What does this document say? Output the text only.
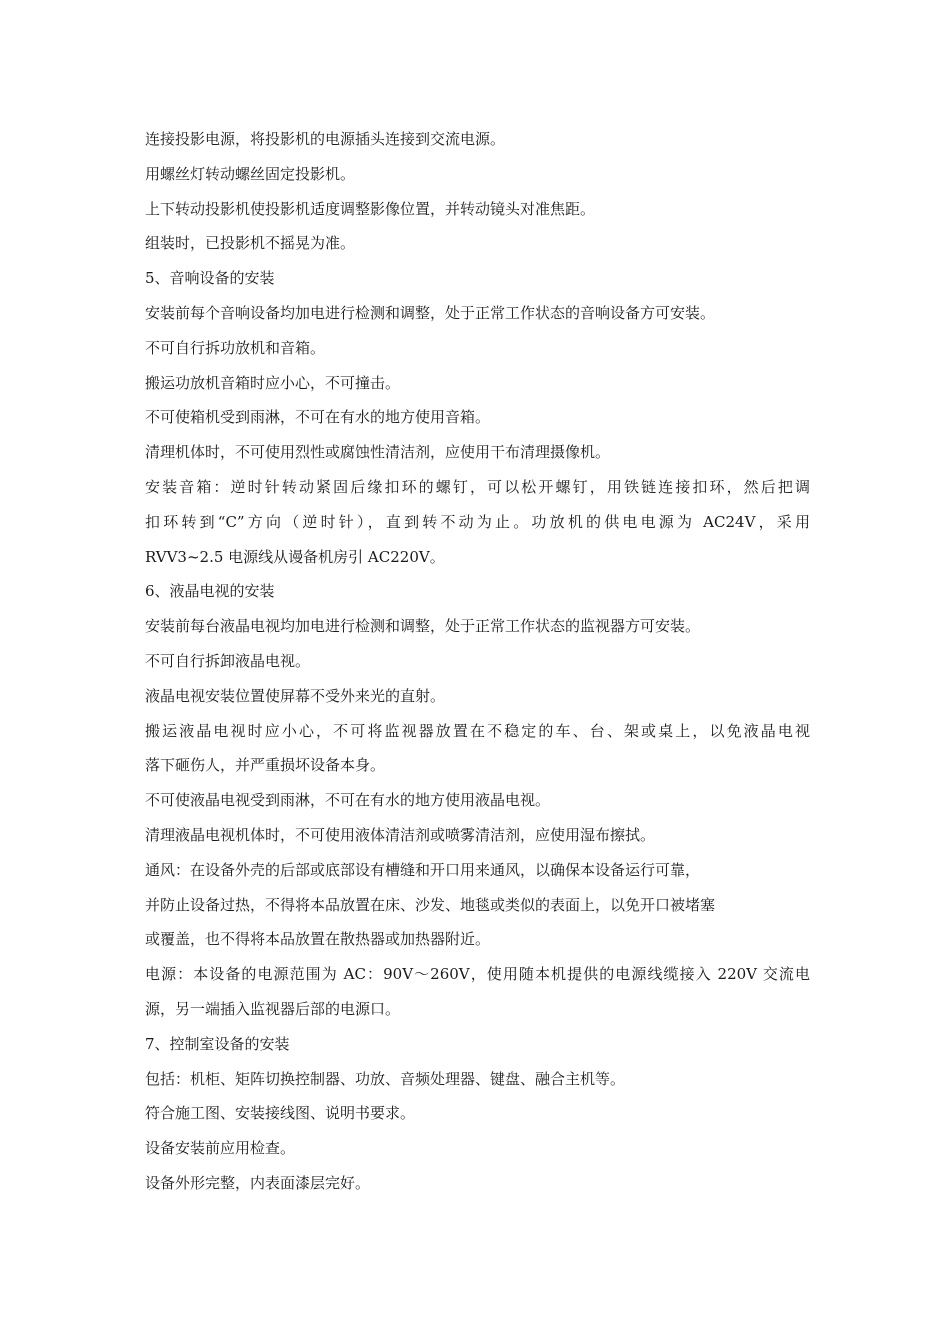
连接投影电源，将投影机的电源插头连接到交流电源。
用螺丝灯转动螺丝固定投影机。
上下转动投影机使投影机适度调整影像位置，并转动镜头对准焦距。
组装时，已投影机不摇晃为准。
5、音响设备的安装
安装前每个音响设备均加电进行检测和调整，处于正常工作状态的音响设备方可安装。
不可自行拆功放机和音箱。
搬运功放机音箱时应小心，不可撞击。
不可使箱机受到雨淋，不可在有水的地方使用音箱。
清理机体时，不可使用烈性或腐蚀性清洁剂，应使用干布清理摄像机。
安装音箱：逆时针转动紧固后缘扣环的螺钉，可以松开螺钉，用铁链连接扣环，然后把调
扣环转到“C”方向（逆时针），直到转不动为止。功放机的供电电源为 AC24V，采用
RVV3~2.5 电源线从谩备机房引 AC220V。
6、液晶电视的安装
安装前每台液晶电视均加电进行检测和调整，处于正常工作状态的监视器方可安装。
不可自行拆卸液晶电视。
液晶电视安装位置使屏幕不受外来光的直射。
搬运液晶电视时应小心，不可将监视器放置在不稳定的车、台、架或桌上，以免液晶电视
落下砸伤人，并严重损坏设备本身。
不可使液晶电视受到雨淋，不可在有水的地方使用液晶电视。
清理液晶电视机体时，不可使用液体清洁剂或喷雾清洁剂，应使用湿布擦拭。
通风：在设备外壳的后部或底部设有槽缝和开口用来通风，以确保本设备运行可靠，
并防止设备过热，不得将本品放置在床、沙发、地毯或类似的表面上，以免开口被堵塞
或覆盖，也不得将本品放置在散热器或加热器附近。
电源：本设备的电源范围为 AC：90V～260V，使用随本机提供的电源线缆接入 220V 交流电
源，另一端插入监视器后部的电源口。
7、控制室设备的安装
包括：机柜、矩阵切换控制器、功放、音频处理器、键盘、融合主机等。
符合施工图、安装接线图、说明书要求。
设备安装前应用检查。
设备外形完整，内表面漆层完好。
